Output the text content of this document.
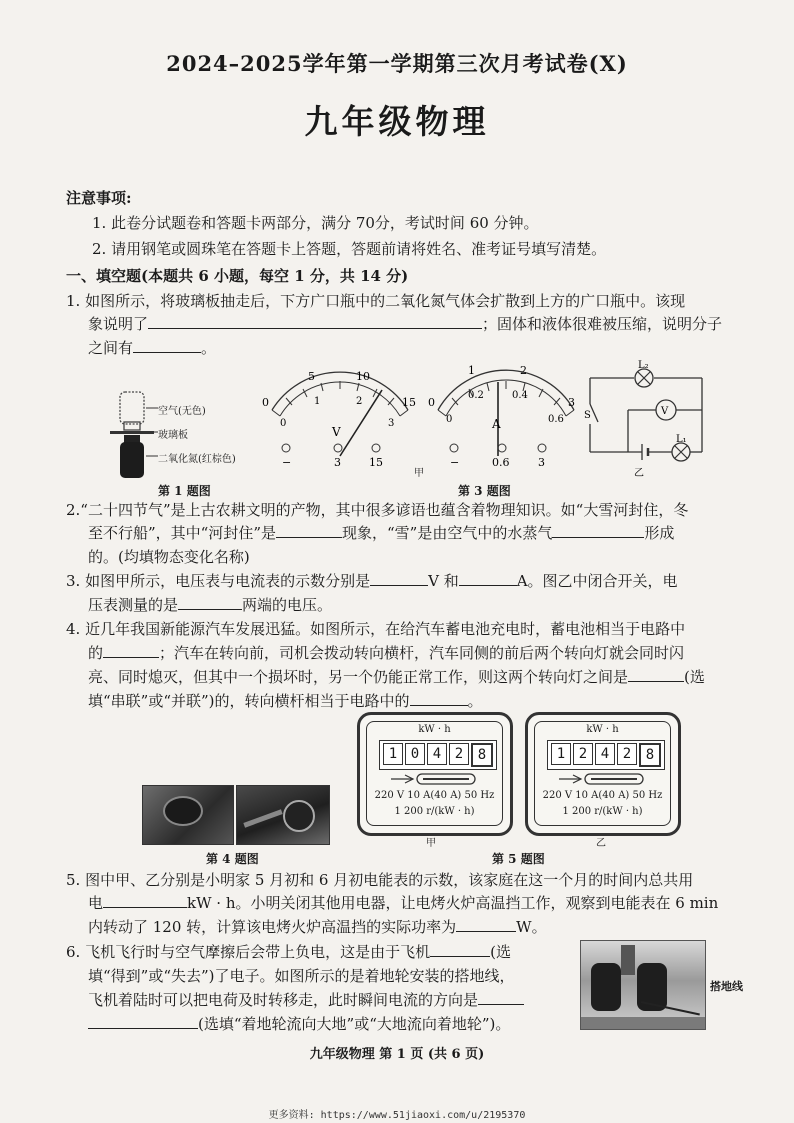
2024–2025学年第一学期第三次月考试卷(X)
九年级物理
注意事项:
1. 此卷分试题卷和答题卡两部分，满分 70分，考试时间 60 分钟。
2. 请用钢笔或圆珠笔在答题卡上答题，答题前请将姓名、准考证号填写清楚。
一、填空题(本题共 6 小题，每空 1 分，共 14 分)
1. 如图所示，将玻璃板抽走后，下方广口瓶中的二氧化氮气体会扩散到上方的广口瓶中。该现
象说明了	；固体和液体很难被压缩，说明分子
之间有	。
空气(无色)
玻璃板
二氧化氮(红棕色)
第 1 题图
0
5	10
15
0
1	2
3
V
−	3	15
0
1	2
3
0
0.2	0.4
0.6
A
−	0.6	3
甲
V
L₂
L₁
S
乙
第 3 题图
2.“二十四节气”是上古农耕文明的产物，其中很多谚语也蕴含着物理知识。如“大雪河封住，冬
至不行船”，其中“河封住”是	现象，“雪”是由空气中的水蒸气	形成
的。(均填物态变化名称)
3. 如图甲所示，电压表与电流表的示数分别是	V 和	A。图乙中闭合开关，电
压表测量的是	两端的电压。
4. 近几年我国新能源汽车发展迅猛。如图所示，在给汽车蓄电池充电时，蓄电池相当于电路中
的	；汽车在转向前，司机会拨动转向横杆，汽车同侧的前后两个转向灯就会同时闪
亮、同时熄灭，但其中一个损坏时，另一个仍能正常工作，则这两个转向灯之间是	(选
填“串联”或“并联”)的，转向横杆相当于电路中的	。
第 4 题图
kW · h
1 0 4 2	8
220 V 10 A(40 A) 50 Hz
1 200 r/(kW · h)
甲
kW · h
1 2 4 2	8
220 V 10 A(40 A) 50 Hz
1 200 r/(kW · h)
乙
第 5 题图
5. 图中甲、乙分别是小明家 5 月初和 6 月初电能表的示数，该家庭在这一个月的时间内总共用
电	kW · h。小明关闭其他用电器，让电烤火炉高温挡工作，观察到电能表在 6 min
内转动了 120 转，计算该电烤火炉高温挡的实际功率为	W。
6. 飞机飞行时与空气摩擦后会带上负电，这是由于飞机	(选
填“得到”或“失去”)了电子。如图所示的是着地轮安装的搭地线，
飞机着陆时可以把电荷及时转移走，此时瞬间电流的方向是
(选填“着地轮流向大地”或“大地流向着地轮”)。
搭地线
九年级物理 第 1 页 (共 6 页)
更多资料: https://www.51jiaoxi.com/u/2195370
